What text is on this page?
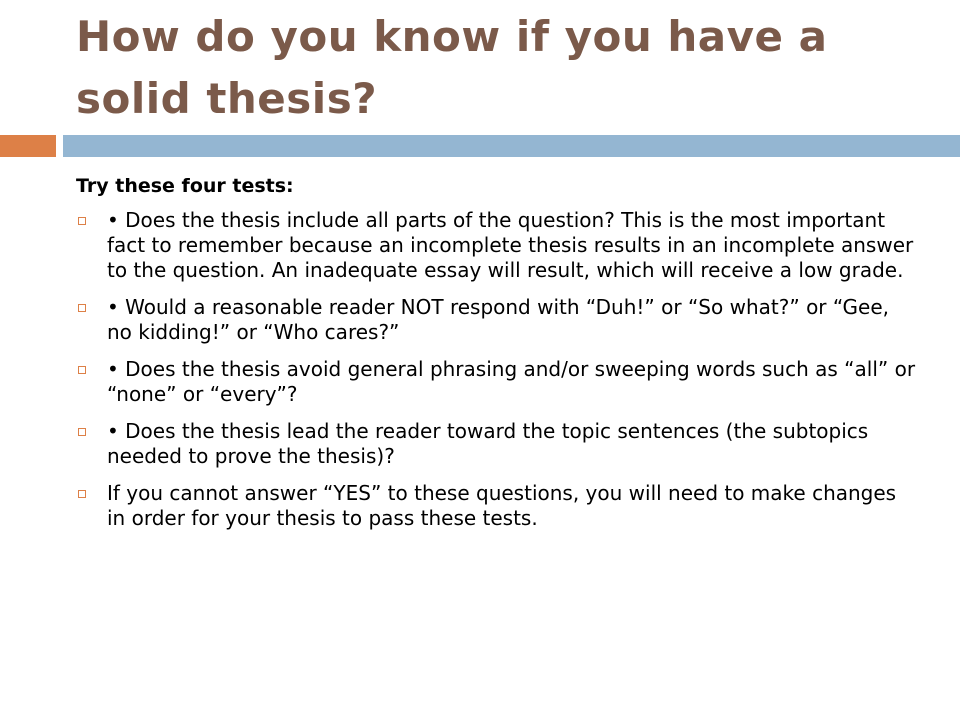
How do you know if you have a solid thesis?

Try these four tests:

• Does the thesis include all parts of the question? This is the most important fact to remember because an incomplete thesis results in an incomplete answer to the question. An inadequate essay will result, which will receive a low grade.
• Would a reasonable reader NOT respond with “Duh!” or “So what?” or “Gee, no kidding!” or “Who cares?”
• Does the thesis avoid general phrasing and/or sweeping words such as “all” or “none” or “every”?
• Does the thesis lead the reader toward the topic sentences (the subtopics needed to prove the thesis)?
If you cannot answer “YES” to these questions, you will need to make changes in order for your thesis to pass these tests.
